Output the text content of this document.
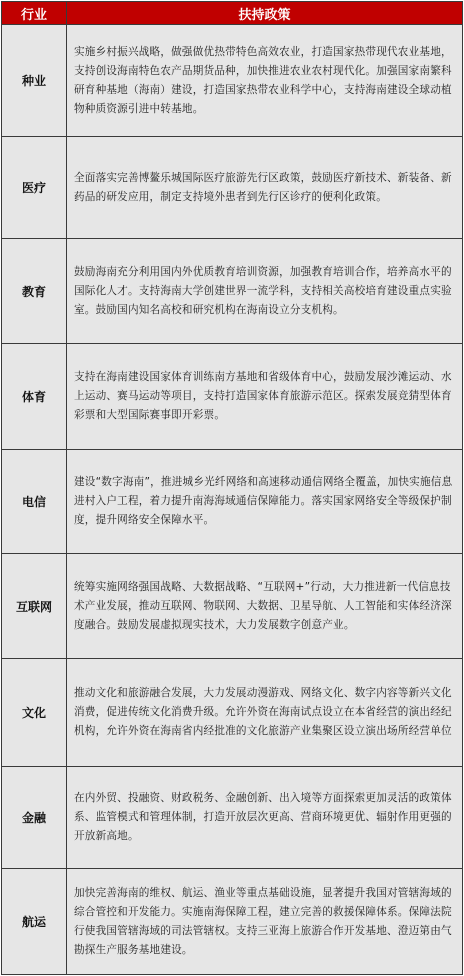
行业	扶持政策
种业
实施乡村振兴战略，做强做优热带特色高效农业，打造国家热带现代农业基地，支持创设海南特色农产品期货品种，加快推进农业农村现代化。加强国家南繁科研育种基地（海南）建设，打造国家热带农业科学中心，支持海南建设全球动植物种质资源引进中转基地。
医疗
全面落实完善博鳌乐城国际医疗旅游先行区政策，鼓励医疗新技术、新装备、新药品的研发应用，制定支持境外患者到先行区诊疗的便利化政策。
教育
鼓励海南充分利用国内外优质教育培训资源，加强教育培训合作，培养高水平的国际化人才。支持海南大学创建世界一流学科，支持相关高校培育建设重点实验室。鼓励国内知名高校和研究机构在海南设立分支机构。
体育
支持在海南建设国家体育训练南方基地和省级体育中心，鼓励发展沙滩运动、水上运动、赛马运动等项目，支持打造国家体育旅游示范区。探索发展竞猜型体育彩票和大型国际赛事即开彩票。
电信
建设“数字海南”，推进城乡光纤网络和高速移动通信网络全覆盖，加快实施信息进村入户工程，着力提升南海海域通信保障能力。落实国家网络安全等级保护制度，提升网络安全保障水平。
互联网
统筹实施网络强国战略、大数据战略、“互联网+”行动，大力推进新一代信息技术产业发展，推动互联网、物联网、大数据、卫星导航、人工智能和实体经济深度融合。鼓励发展虚拟现实技术，大力发展数字创意产业。
文化
推动文化和旅游融合发展，大力发展动漫游戏、网络文化、数字内容等新兴文化消费，促进传统文化消费升级。允许外资在海南试点设立在本省经营的演出经纪机构，允许外资在海南省内经批准的文化旅游产业集聚区设立演出场所经营单位
金融
在内外贸、投融资、财政税务、金融创新、出入境等方面探索更加灵活的政策体系、监管模式和管理体制，打造开放层次更高、营商环境更优、辐射作用更强的开放新高地。
航运
加快完善海南的维权、航运、渔业等重点基础设施，显著提升我国对管辖海域的综合管控和开发能力。实施南海保障工程，建立完善的救援保障体系。保障法院行使我国管辖海域的司法管辖权。支持三亚海上旅游合作开发基地、澄迈第由气勘探生产服务基地建设。
